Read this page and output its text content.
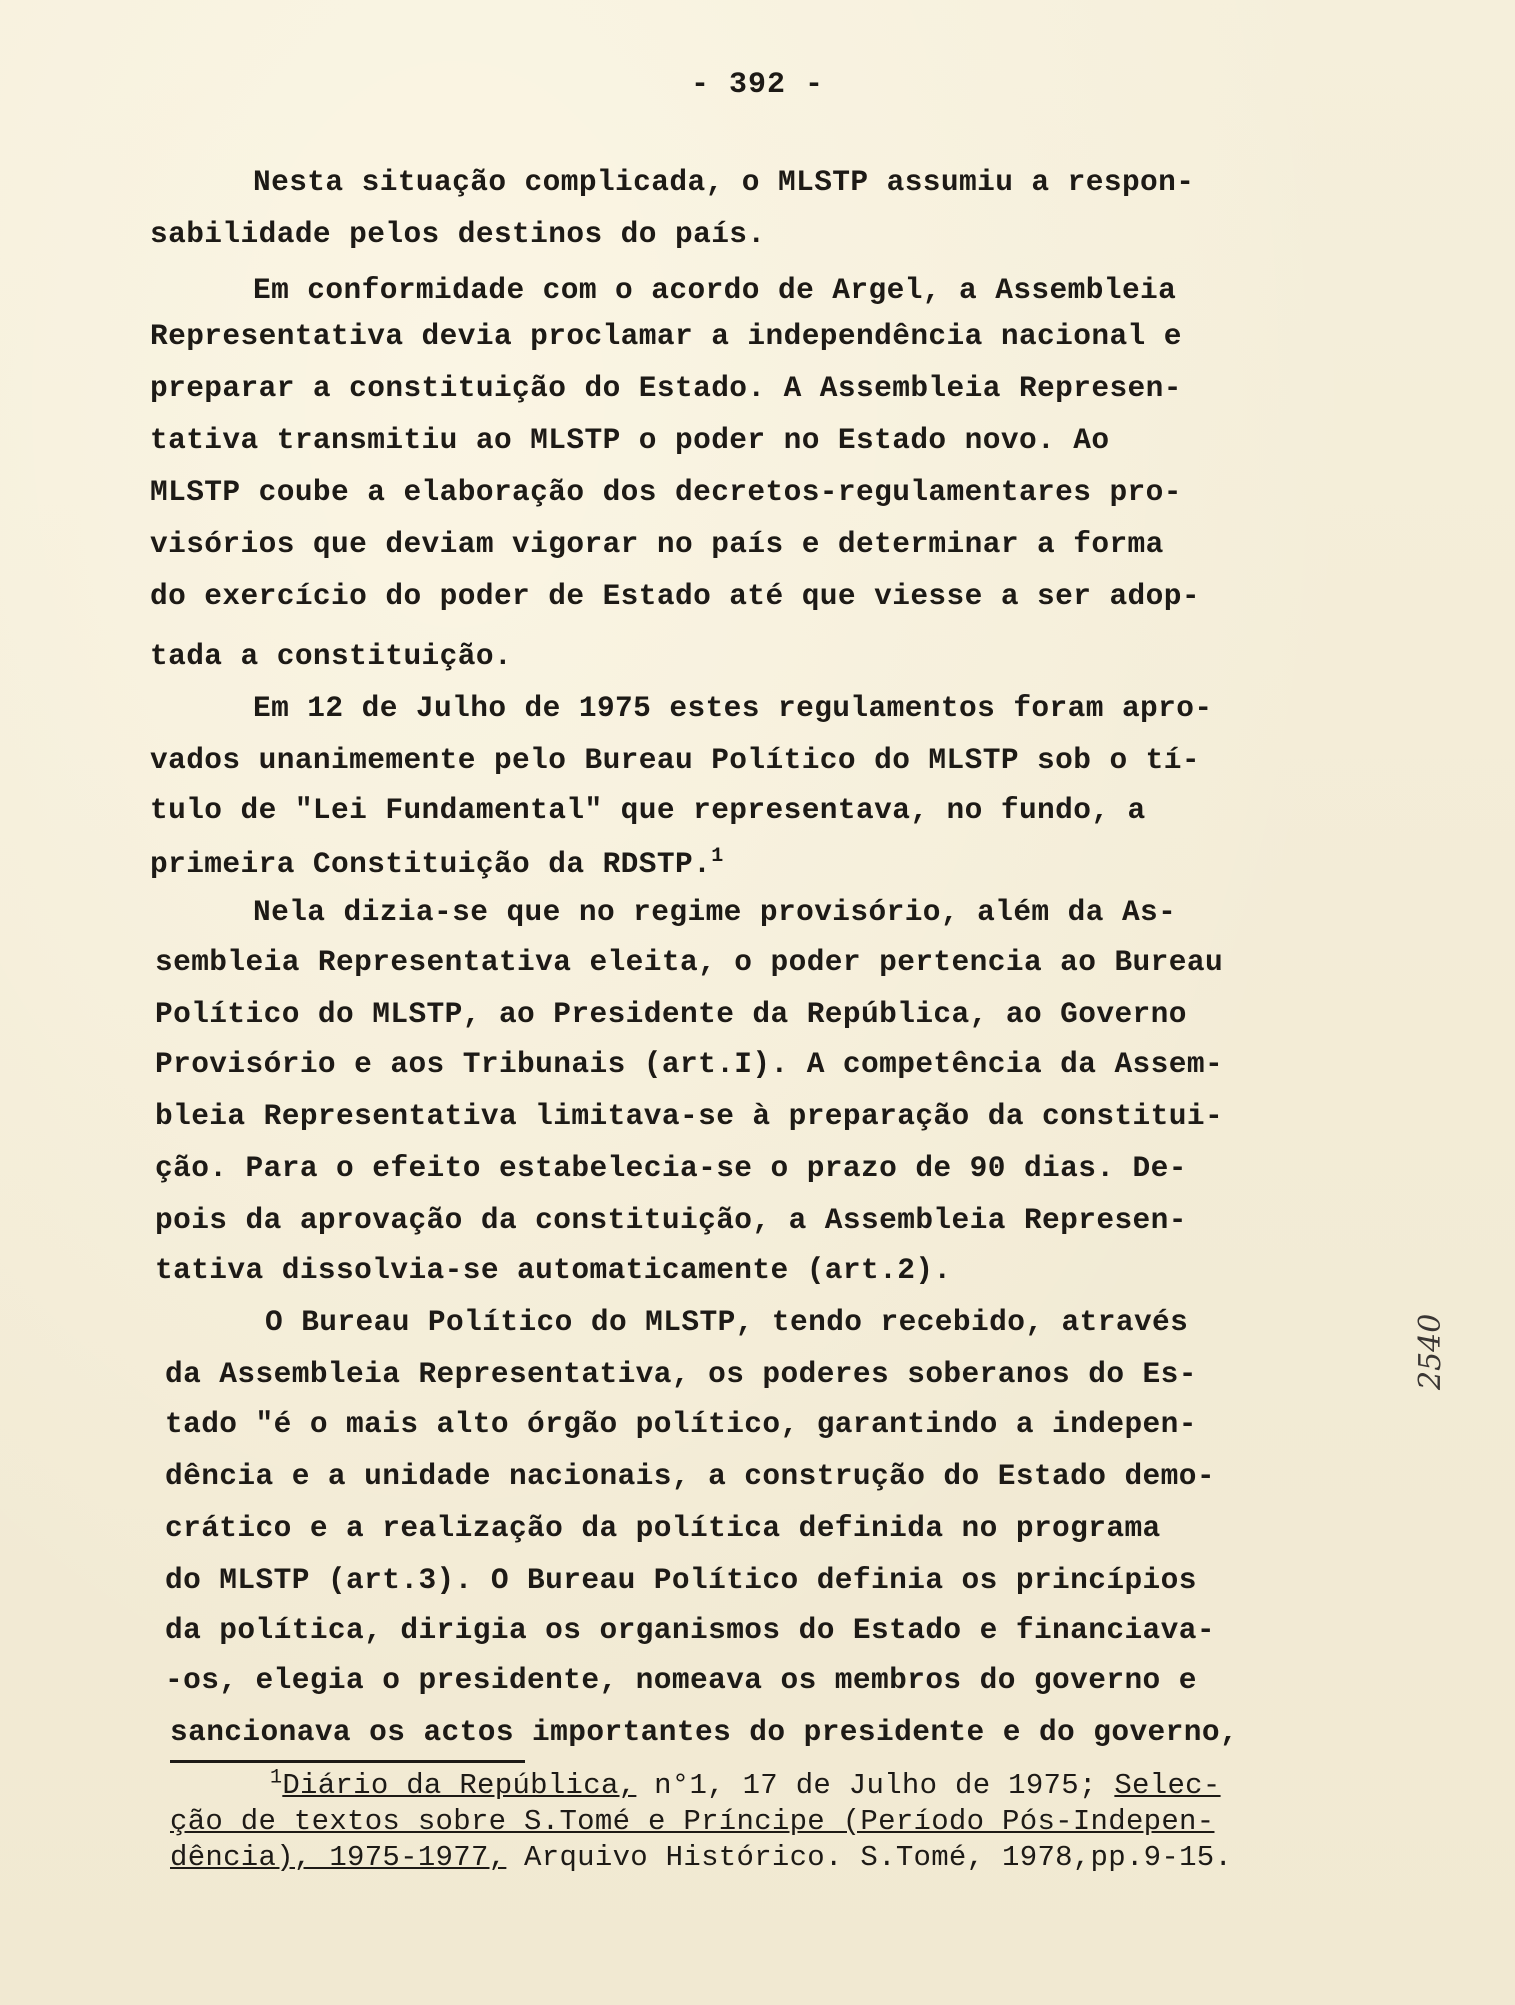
- 392 -
Nesta situação complicada, o MLSTP assumiu a respon-
sabilidade pelos destinos do país.
Em conformidade com o acordo de Argel, a Assembleia
Representativa devia proclamar a independência nacional e
preparar a constituição do Estado. A Assembleia Represen-
tativa transmitiu ao MLSTP o poder no Estado novo. Ao
MLSTP coube a elaboração dos decretos-regulamentares pro-
visórios que deviam vigorar no país e determinar a forma
do exercício do poder de Estado até que viesse a ser adop-
tada a constituição.
Em 12 de Julho de 1975 estes regulamentos foram apro-
vados unanimemente pelo Bureau Político do MLSTP sob o tí-
tulo de "Lei Fundamental" que representava, no fundo, a
primeira Constituição da RDSTP.$^1$
Nela dizia-se que no regime provisório, além da As-
sembleia Representativa eleita, o poder pertencia ao Bureau
Político do MLSTP, ao Presidente da República, ao Governo
Provisório e aos Tribunais (art.I). A competência da Assem-
bleia Representativa limitava-se à preparação da constitui-
ção. Para o efeito estabelecia-se o prazo de 90 dias. De-
pois da aprovação da constituição, a Assembleia Represen-
tativa dissolvia-se automaticamente (art.2).
O Bureau Político do MLSTP, tendo recebido, através
da Assembleia Representativa, os poderes soberanos do Es-
tado "é o mais alto órgão político, garantindo a indepen-
dência e a unidade nacionais, a construção do Estado demo-
crático e a realização da política definida no programa
do MLSTP (art.3). O Bureau Político definia os princípios
da política, dirigia os organismos do Estado e financiava-
-os, elegia o presidente, nomeava os membros do governo e
sancionava os actos importantes do presidente e do governo,
$^1$Diário da República, n°1, 17 de Julho de 1975; Selec-
ção de textos sobre S.Tomé e Príncipe (Período Pós-Indepen-
dência), 1975-1977, Arquivo Histórico. S.Tomé, 1978,pp.9-15.
2540
